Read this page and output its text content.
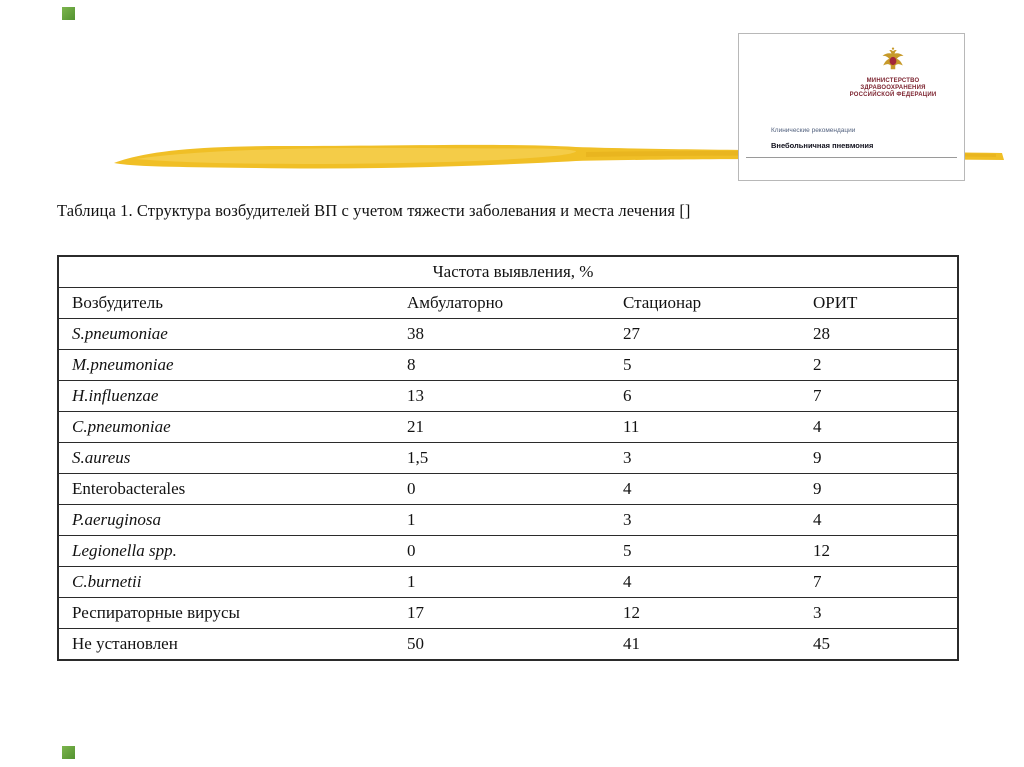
МИНИСТЕРСТВО
ЗДРАВООХРАНЕНИЯ
РОССИЙСКОЙ ФЕДЕРАЦИИ
Клинические рекомендации
Внебольничная пневмония
Таблица 1. Структура возбудителей ВП с учетом тяжести заболевания и места лечения []
Частота выявления, %			
Возбудитель	Амбулаторно	Стационар	ОРИТ
S.pneumoniae	38	27	28
M.pneumoniae	8	5	2
H.influenzae	13	6	7
C.pneumoniae	21	11	4
S.aureus	1,5	3	9
Enterobacterales	0	4	9
P.aeruginosa	1	3	4
Legionella spp.	0	5	12
C.burnetii	1	4	7
Респираторные вирусы	17	12	3
Не установлен	50	41	45
